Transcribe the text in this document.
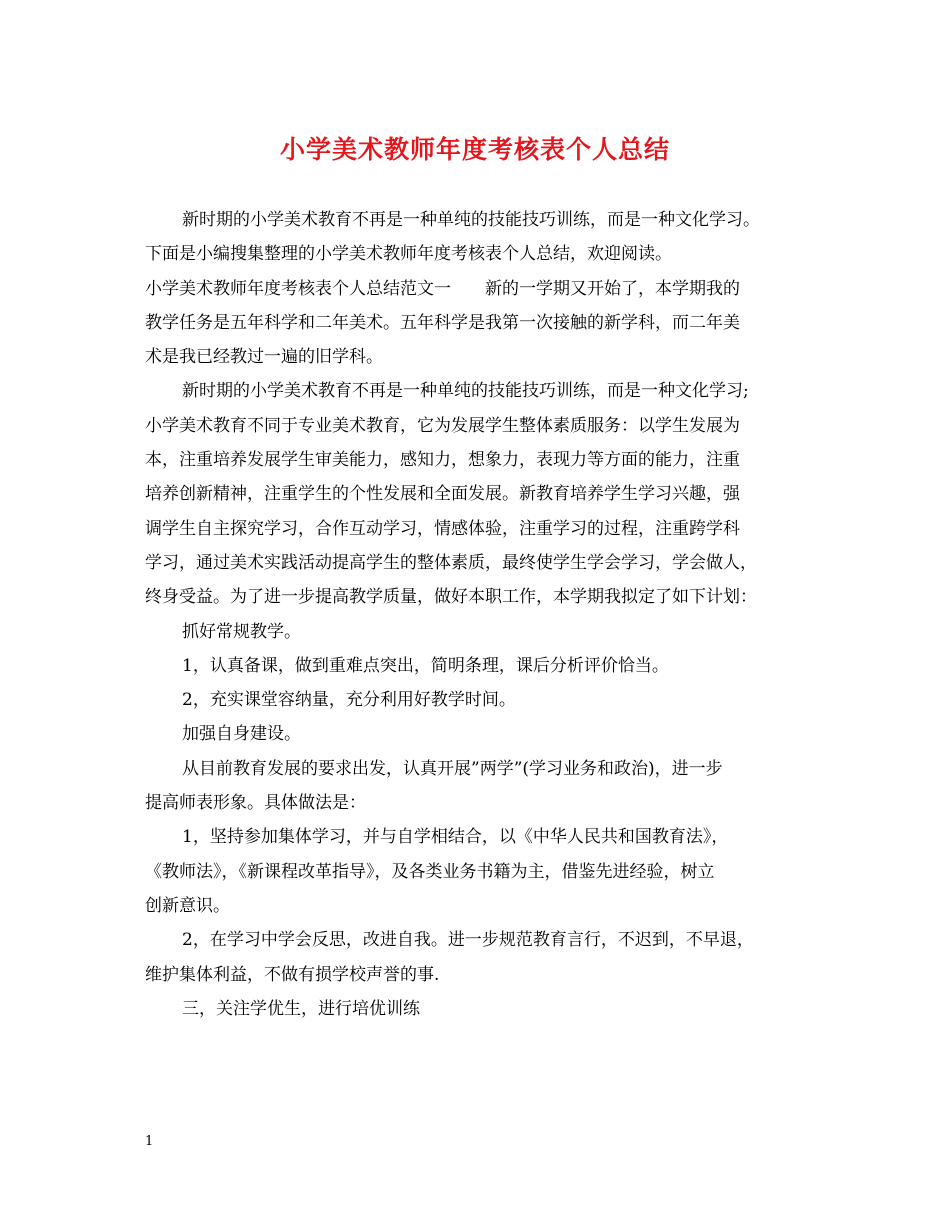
小学美术教师年度考核表个人总结
新时期的小学美术教育不再是一种单纯的技能技巧训练，而是一种文化学习。
下面是小编搜集整理的小学美术教师年度考核表个人总结，欢迎阅读。
小学美术教师年度考核表个人总结范文一　　新的一学期又开始了，本学期我的
教学任务是五年科学和二年美术。五年科学是我第一次接触的新学科，而二年美
术是我已经教过一遍的旧学科。
新时期的小学美术教育不再是一种单纯的技能技巧训练，而是一种文化学习;
小学美术教育不同于专业美术教育，它为发展学生整体素质服务：以学生发展为
本，注重培养发展学生审美能力，感知力，想象力，表现力等方面的能力，注重
培养创新精神，注重学生的个性发展和全面发展。新教育培养学生学习兴趣，强
调学生自主探究学习，合作互动学习，情感体验，注重学习的过程，注重跨学科
学习，通过美术实践活动提高学生的整体素质，最终使学生学会学习，学会做人，
终身受益。为了进一步提高教学质量，做好本职工作，本学期我拟定了如下计划：
抓好常规教学。
1，认真备课，做到重难点突出，简明条理，课后分析评价恰当。
2，充实课堂容纳量，充分利用好教学时间。
加强自身建设。
从目前教育发展的要求出发，认真开展”两学”(学习业务和政治)，进一步
提高师表形象。具体做法是：
1，坚持参加集体学习，并与自学相结合，以《中华人民共和国教育法》，
《教师法》，《新课程改革指导》，及各类业务书籍为主，借鉴先进经验，树立
创新意识。
2，在学习中学会反思，改进自我。进一步规范教育言行，不迟到，不早退，
维护集体利益，不做有损学校声誉的事.
三，关注学优生，进行培优训练
1
